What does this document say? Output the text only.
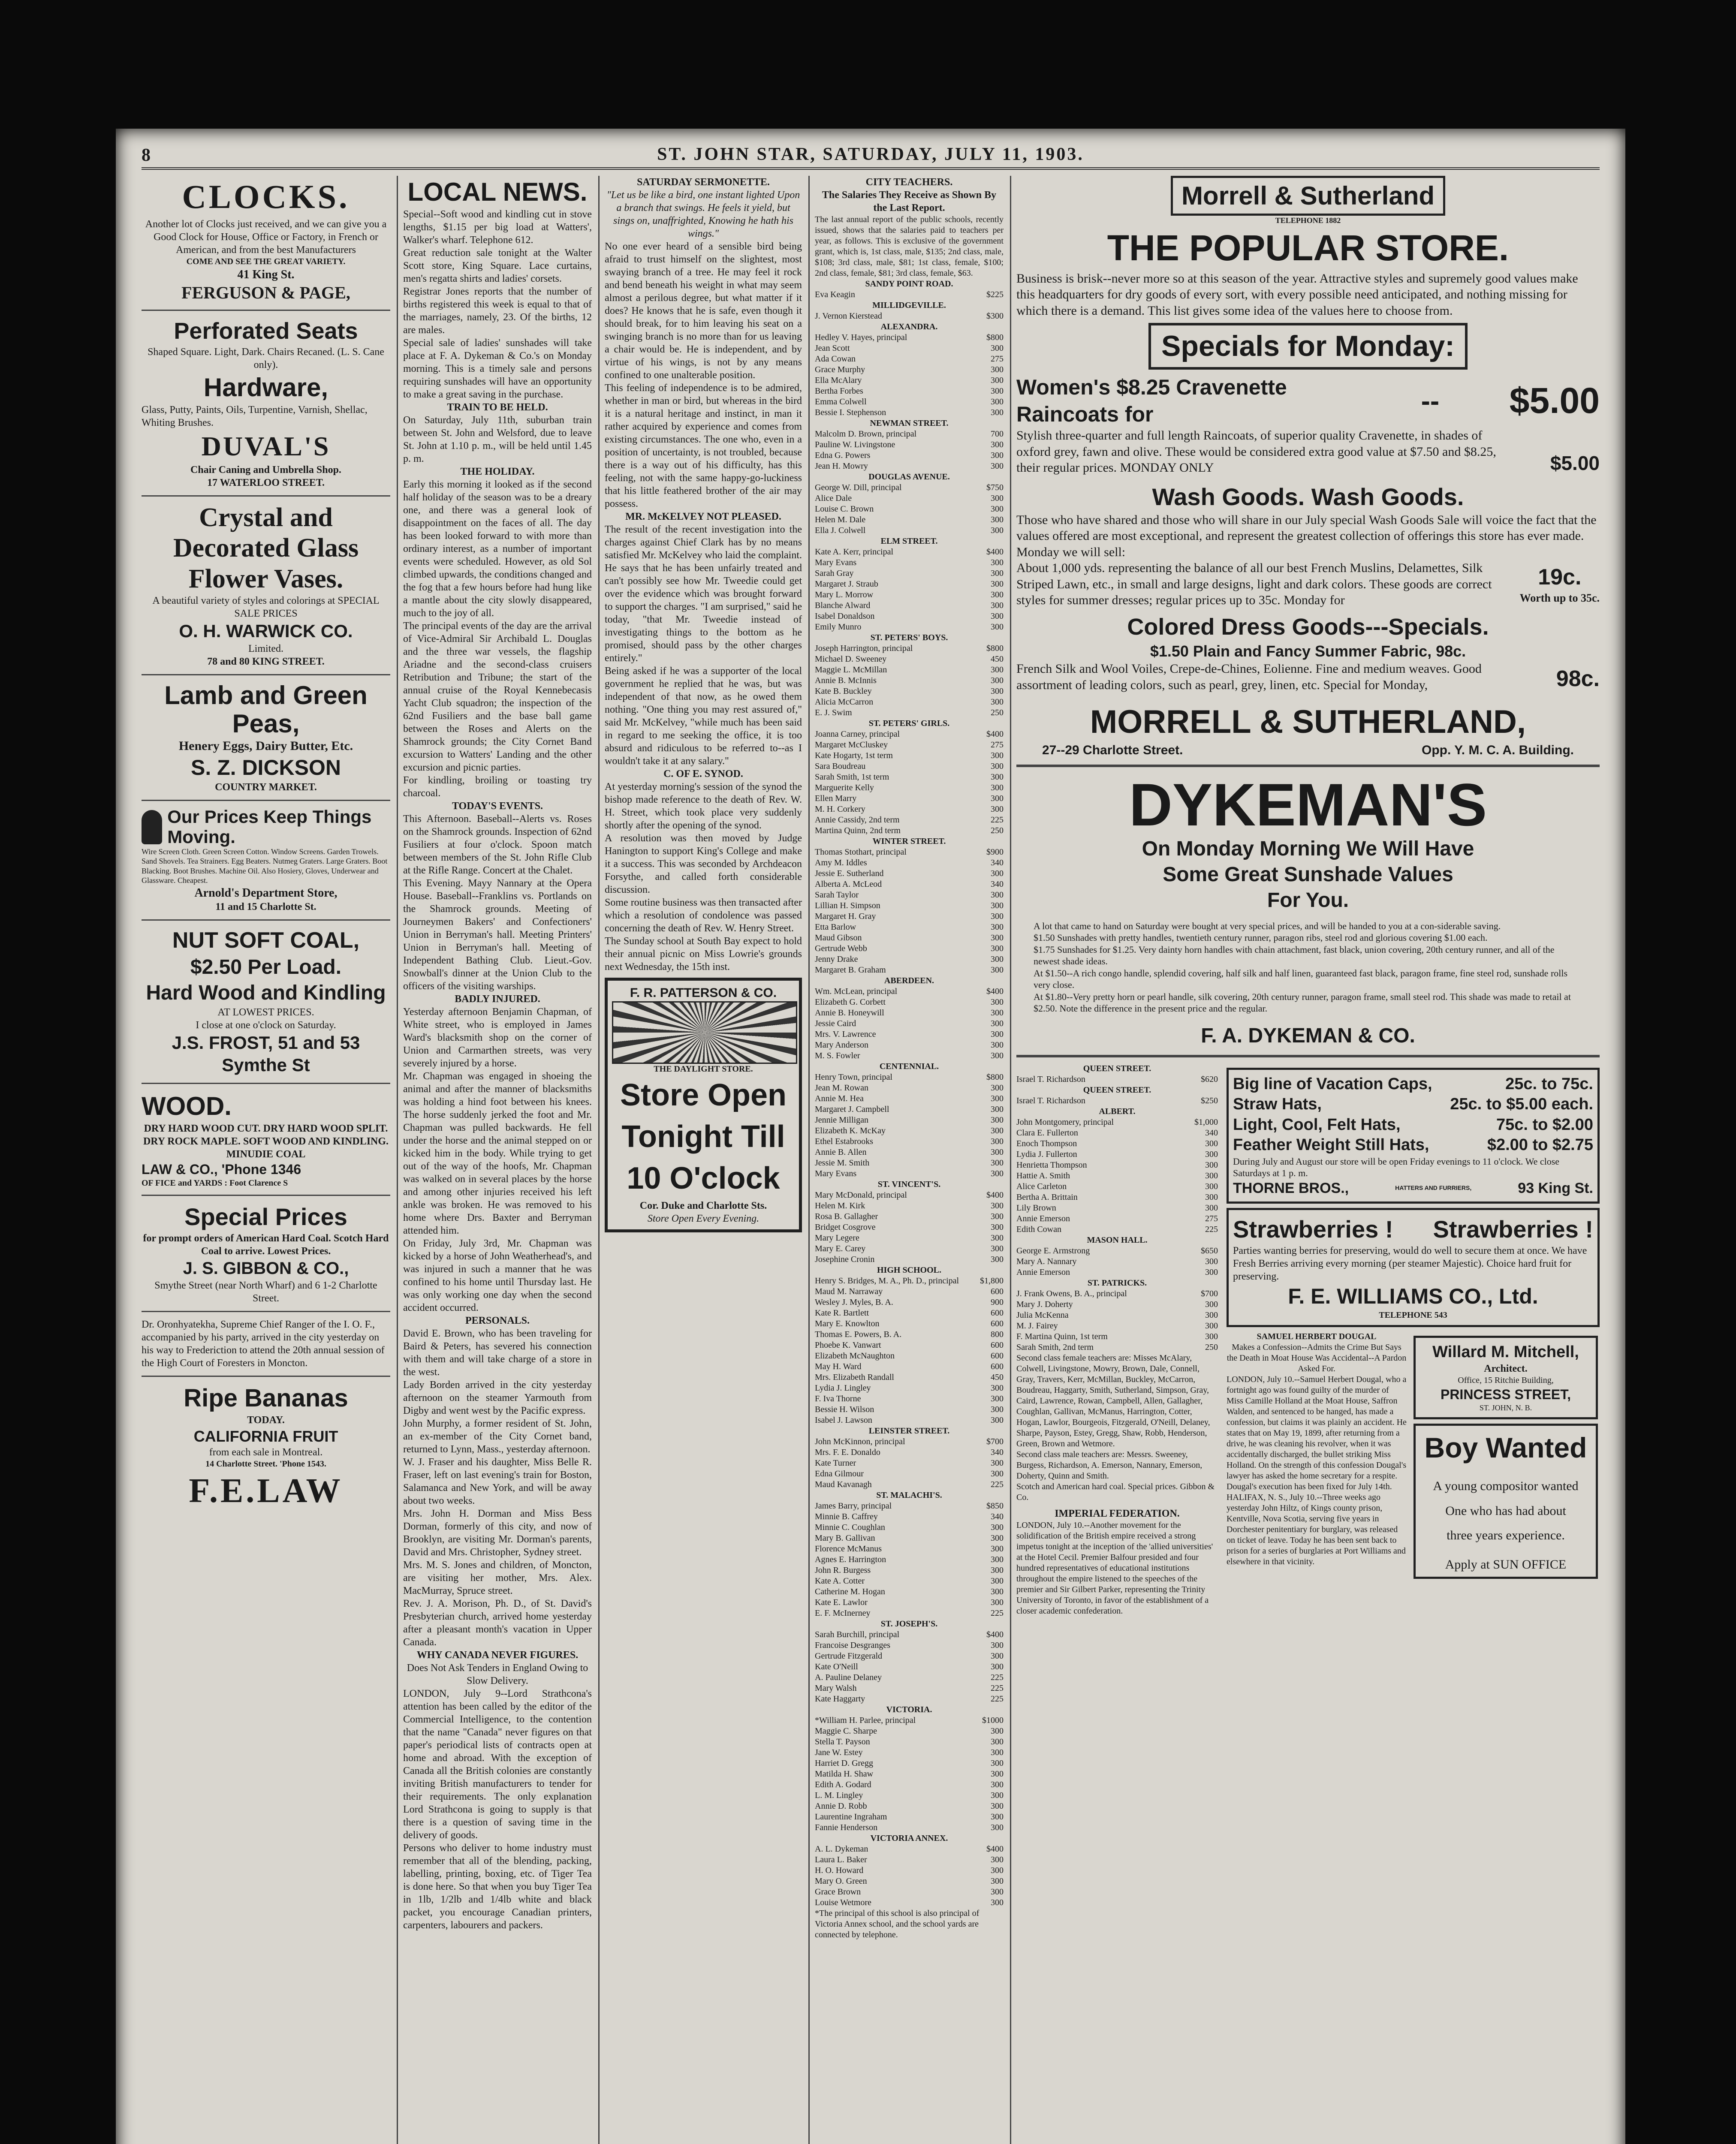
8	ST. JOHN STAR, SATURDAY, JULY 11, 1903.
CLOCKS.

Another lot of Clocks just received, and we can give you a Good Clock for House, Office or Factory, in French or American, and from the best Manufacturers

COME AND SEE THE GREAT VARIETY.

41 King St.

FERGUSON & PAGE,

Perforated Seats

Shaped Square. Light, Dark. Chairs Recaned. (L. S. Cane only).

Hardware,

Glass, Putty, Paints, Oils, Turpentine, Varnish, Shellac, Whiting Brushes.

DUVAL'S

Chair Caning and Umbrella Shop.

17 WATERLOO STREET.

Crystal and Decorated Glass Flower Vases.

A beautiful variety of styles and colorings at SPECIAL SALE PRICES

O. H. WARWICK CO.

Limited.

78 and 80 KING STREET.

Lamb and Green Peas,

Henery Eggs, Dairy Butter, Etc.

S. Z. DICKSON

COUNTRY MARKET.

Our Prices Keep Things Moving.

Wire Screen Cloth. Green Screen Cotton. Window Screens. Garden Trowels. Sand Shovels. Tea Strainers. Egg Beaters. Nutmeg Graters. Large Graters. Boot Blacking. Boot Brushes. Machine Oil. Also Hosiery, Gloves, Underwear and Glassware. Cheapest.

Arnold's Department Store,

11 and 15 Charlotte St.

NUT SOFT COAL,

$2.50 Per Load.

Hard Wood and Kindling

AT LOWEST PRICES.

I close at one o'clock on Saturday.

J.S. FROST, 51 and 53 Symthe St

WOOD.

DRY HARD WOOD CUT. DRY HARD WOOD SPLIT. DRY ROCK MAPLE. SOFT WOOD AND KINDLING. MINUDIE COAL

LAW & CO., 'Phone 1346

OF FICE and YARDS : Foot Clarence S

Special Prices

for prompt orders of American Hard Coal. Scotch Hard Coal to arrive. Lowest Prices.

J. S. GIBBON & CO.,

Smythe Street (near North Wharf) and 6 1-2 Charlotte Street.

Dr. Oronhyatekha, Supreme Chief Ranger of the I. O. F., accompanied by his party, arrived in the city yesterday on his way to Frederiction to attend the 20th annual session of the High Court of Foresters in Moncton.

Ripe Bananas

TODAY.

CALIFORNIA FRUIT

from each sale in Montreal.

14 Charlotte Street. 'Phone 1543.

F.E.LAW
LOCAL NEWS.

Special--Soft wood and kindling cut in stove lengths, $1.15 per big load at Watters', Walker's wharf. Telephone 612.

Great reduction sale tonight at the Walter Scott store, King Square. Lace curtains, men's regatta shirts and ladies' corsets.

Registrar Jones reports that the number of births registered this week is equal to that of the marriages, namely, 23. Of the births, 12 are males.

Special sale of ladies' sunshades will take place at F. A. Dykeman & Co.'s on Monday morning. This is a timely sale and persons requiring sunshades will have an opportunity to make a great saving in the purchase.

TRAIN TO BE HELD.

On Saturday, July 11th, suburban train between St. John and Welsford, due to leave St. John at 1.10 p. m., will be held until 1.45 p. m.

THE HOLIDAY.

Early this morning it looked as if the second half holiday of the season was to be a dreary one, and there was a general look of disappointment on the faces of all. The day has been looked forward to with more than ordinary interest, as a number of important events were scheduled. However, as old Sol climbed upwards, the conditions changed and the fog that a few hours before had hung like a mantle about the city slowly disappeared, much to the joy of all.

The principal events of the day are the arrival of Vice-Admiral Sir Archibald L. Douglas and the three war vessels, the flagship Ariadne and the second-class cruisers Retribution and Tribune; the start of the annual cruise of the Royal Kennebecasis Yacht Club squadron; the inspection of the 62nd Fusiliers and the base ball game between the Roses and Alerts on the Shamrock grounds; the City Cornet Band excursion to Watters' Landing and the other excursion and picnic parties.

For kindling, broiling or toasting try charcoal.

TODAY'S EVENTS.

This Afternoon. Baseball--Alerts vs. Roses on the Shamrock grounds. Inspection of 62nd Fusiliers at four o'clock. Spoon match between members of the St. John Rifle Club at the Rifle Range. Concert at the Chalet.

This Evening. Mayy Nannary at the Opera House. Baseball--Franklins vs. Portlands on the Shamrock grounds. Meeting of Journeymen Bakers' and Confectioners' Union in Berryman's hall. Meeting Printers' Union in Berryman's hall. Meeting of Independent Bathing Club. Lieut.-Gov. Snowball's dinner at the Union Club to the officers of the visiting warships.

BADLY INJURED.

Yesterday afternoon Benjamin Chapman, of White street, who is employed in James Ward's blacksmith shop on the corner of Union and Carmarthen streets, was very severely injured by a horse.

Mr. Chapman was engaged in shoeing the animal and after the manner of blacksmiths was holding a hind foot between his knees. The horse suddenly jerked the foot and Mr. Chapman was pulled backwards. He fell under the horse and the animal stepped on or kicked him in the body. While trying to get out of the way of the hoofs, Mr. Chapman was walked on in several places by the horse and among other injuries received his left ankle was broken. He was removed to his home where Drs. Baxter and Berryman attended him.

On Friday, July 3rd, Mr. Chapman was kicked by a horse of John Weatherhead's, and was injured in such a manner that he was confined to his home until Thursday last. He was only working one day when the second accident occurred.

PERSONALS.

David E. Brown, who has been traveling for Baird & Peters, has severed his connection with them and will take charge of a store in the west.

Lady Borden arrived in the city yesterday afternoon on the steamer Yarmouth from Digby and went west by the Pacific express.

John Murphy, a former resident of St. John, an ex-member of the City Cornet band, returned to Lynn, Mass., yesterday afternoon.

W. J. Fraser and his daughter, Miss Belle R. Fraser, left on last evening's train for Boston, Salamanca and New York, and will be away about two weeks.

Mrs. John H. Dorman and Miss Bess Dorman, formerly of this city, and now of Brooklyn, are visiting Mr. Dorman's parents, David and Mrs. Christopher, Sydney street.

Mrs. M. S. Jones and children, of Moncton, are visiting her mother, Mrs. Alex. MacMurray, Spruce street.

Rev. J. A. Morison, Ph. D., of St. David's Presbyterian church, arrived home yesterday after a pleasant month's vacation in Upper Canada.

WHY CANADA NEVER FIGURES.

Does Not Ask Tenders in England Owing to Slow Delivery.

LONDON, July 9--Lord Strathcona's attention has been called by the editor of the Commercial Intelligence, to the contention that the name "Canada" never figures on that paper's periodical lists of contracts open at home and abroad. With the exception of Canada all the British colonies are constantly inviting British manufacturers to tender for their requirements. The only explanation Lord Strathcona is going to supply is that there is a question of saving time in the delivery of goods.

Persons who deliver to home industry must remember that all of the blending, packing, labelling, printing, boxing, etc. of Tiger Tea is done here. So that when you buy Tiger Tea in 1lb, 1/2lb and 1/4lb white and black packet, you encourage Canadian printers, carpenters, labourers and packers.

SATURDAY SERMONETTE.

"Let us be like a bird, one instant lighted Upon a branch that swings. He feels it yield, but sings on, unaffrighted, Knowing he hath his wings."

No one ever heard of a sensible bird being afraid to trust himself on the slightest, most swaying branch of a tree. He may feel it rock and bend beneath his weight in what may seem almost a perilous degree, but what matter if it does? He knows that he is safe, even though it should break, for to him leaving his seat on a swinging branch is no more than for us leaving a chair would be. He is independent, and by virtue of his wings, is not by any means confined to one unalterable position.

This feeling of independence is to be admired, whether in man or bird, but whereas in the bird it is a natural heritage and instinct, in man it rather acquired by experience and comes from existing circumstances. The one who, even in a position of uncertainty, is not troubled, because there is a way out of his difficulty, has this feeling, not with the same happy-go-luckiness that his little feathered brother of the air may possess.

MR. McKELVEY NOT PLEASED.

The result of the recent investigation into the charges against Chief Clark has by no means satisfied Mr. McKelvey who laid the complaint. He says that he has been unfairly treated and can't possibly see how Mr. Tweedie could get over the evidence which was brought forward to support the charges. "I am surprised," said he today, "that Mr. Tweedie instead of investigating things to the bottom as he promised, should pass by the other charges entirely."

Being asked if he was a supporter of the local government he replied that he was, but was independent of that now, as he owed them nothing. "One thing you may rest assured of," said Mr. McKelvey, "while much has been said in regard to me seeking the office, it is too absurd and ridiculous to be referred to--as I wouldn't take it at any salary."

C. OF E. SYNOD.

At yesterday morning's session of the synod the bishop made reference to the death of Rev. W. H. Street, which took place very suddenly shortly after the opening of the synod.

A resolution was then moved by Judge Hanington to support King's College and make it a success. This was seconded by Archdeacon Forsythe, and called forth considerable discussion.

Some routine business was then transacted after which a resolution of condolence was passed concerning the death of Rev. W. Henry Street.

The Sunday school at South Bay expect to hold their annual picnic on Miss Lowrie's grounds next Wednesday, the 15th inst.

F. R. PATTERSON & CO.

THE DAYLIGHT STORE.

Store Open Tonight Till 10 O'clock

Cor. Duke and Charlotte Sts.

Store Open Every Evening.

CITY TEACHERS.

The Salaries They Receive as Shown By the Last Report.

The last annual report of the public schools, recently issued, shows that the salaries paid to teachers per year, as follows. This is exclusive of the government grant, which is, 1st class, male, $135; 2nd class, male, $108; 3rd class, male, $81; 1st class, female, $100; 2nd class, female, $81; 3rd class, female, $63.

SANDY POINT ROAD.
Eva Keagin	$225
MILLIDGEVILLE.
J. Vernon Kierstead	$300
ALEXANDRA.
Hedley V. Hayes, principal	$800
Jean Scott	300
Ada Cowan	275
Grace Murphy	300
Ella McAlary	300
Bertha Forbes	300
Emma Colwell	300
Bessie I. Stephenson	300
NEWMAN STREET.
Malcolm D. Brown, principal	700
Pauline W. Livingstone	300
Edna G. Powers	300
Jean H. Mowry	300
DOUGLAS AVENUE.
George W. Dill, principal	$750
Alice Dale	300
Louise C. Brown	300
Helen M. Dale	300
Ella J. Colwell	300
ELM STREET.
Kate A. Kerr, principal	$400
Mary Evans	300
Sarah Gray	300
Margaret J. Straub	300
Mary L. Morrow	300
Blanche Alward	300
Isabel Donaldson	300
Emily Munro	300
ST. PETERS' BOYS.
Joseph Harrington, principal	$800
Michael D. Sweeney	450
Maggie L. McMillan	300
Annie B. McInnis	300
Kate B. Buckley	300
Alicia McCarron	300
E. J. Swim	250
ST. PETERS' GIRLS.
Joanna Carney, principal	$400
Margaret McCluskey	275
Kate Hogarty, 1st term	300
Sara Boudreau	300
Sarah Smith, 1st term	300
Marguerite Kelly	300
Ellen Marry	300
M. H. Corkery	300
Annie Cassidy, 2nd term	225
Martina Quinn, 2nd term	250
WINTER STREET.
Thomas Stothart, principal	$900
Amy M. Iddles	340
Jessie E. Sutherland	300
Alberta A. McLeod	340
Sarah Taylor	300
Lillian H. Simpson	300
Margaret H. Gray	300
Etta Barlow	300
Maud Gibson	300
Gertrude Webb	300
Jenny Drake	300
Margaret B. Graham	300
ABERDEEN.
Wm. McLean, principal	$400
Elizabeth G. Corbett	300
Annie B. Honeywill	300
Jessie Caird	300
Mrs. V. Lawrence	300
Mary Anderson	300
M. S. Fowler	300
CENTENNIAL.
Henry Town, principal	$800
Jean M. Rowan	300
Annie M. Hea	300
Margaret J. Campbell	300
Jennie Milligan	300
Elizabeth K. McKay	300
Ethel Estabrooks	300
Annie B. Allen	300
Jessie M. Smith	300
Mary Evans	300
ST. VINCENT'S.
Mary McDonald, principal	$400
Helen M. Kirk	300
Rosa B. Gallagher	300
Bridget Cosgrove	300
Mary Legere	300
Mary E. Carey	300
Josephine Cronin	300
HIGH SCHOOL.
Henry S. Bridges, M. A., Ph. D., principal $1,800
Maud M. Narraway	600
Wesley J. Myles, B. A.	900
Kate R. Bartlett	600
Mary E. Knowlton	600
Thomas E. Powers, B. A.	800
Phoebe K. Vanwart	600
Elizabeth McNaughton	600
May H. Ward	600
Mrs. Elizabeth Randall	450
Lydia J. Lingley	300
F. Iva Thorne	300
Bessie H. Wilson	300
Isabel J. Lawson	300
LEINSTER STREET.
John McKinnon, principal	$700
Mrs. F. E. Donaldo	340
Kate Turner	300
Edna Gilmour	300
Maud Kavanagh	225
ST. MALACHI'S.
James Barry, principal	$850
Minnie B. Caffrey	340
Minnie C. Coughlan	300
Mary B. Gallivan	300
Florence McManus	300
Agnes E. Harrington	300
John R. Burgess	300
Kate A. Cotter	300
Catherine M. Hogan	300
Kate E. Lawlor	300
E. F. McInerney	225
ST. JOSEPH'S.
Sarah Burchill, principal	$400
Francoise Desgranges	300
Gertrude Fitzgerald	300
Kate O'Neill	300
A. Pauline Delaney	225
Mary Walsh	225
Kate Haggarty	225
VICTORIA.
*William H. Parlee, principal	$1000
Maggie C. Sharpe	300
Stella T. Payson	300
Jane W. Estey	300
Harriet D. Gregg	300
Matilda H. Shaw	300
Edith A. Godard	300
L. M. Lingley	300
Annie D. Robb	300
Laurentine Ingraham	300
Fannie Henderson	300
VICTORIA ANNEX.
A. L. Dykeman	$400
Laura L. Baker	300
H. O. Howard	300
Mary O. Green	300
Grace Brown	300
Louise Wetmore	300

*The principal of this school is also principal of Victoria Annex school, and the school yards are connected by telephone.

Morrell & Sutherland

TELEPHONE 1882

THE POPULAR STORE.

Business is brisk--never more so at this season of the year. Attractive styles and supremely good values make this headquarters for dry goods of every sort, with every possible need anticipated, and nothing missing for which there is a demand. This list gives some idea of the values here to choose from.

Specials for Monday:
Women's $8.25 Cravenette Raincoats for	-- $5.00

Stylish three-quarter and full length Raincoats, of superior quality Cravenette, in shades of oxford grey, fawn and olive. These would be considered extra good value at $7.50 and $8.25, their regular prices. MONDAY ONLY	$5.00
Wash Goods. Wash Goods.

Those who have shared and those who will share in our July special Wash Goods Sale will voice the fact that the values offered are most exceptional, and represent the greatest collection of offerings this store has ever made. Monday we will sell:

About 1,000 yds. representing the balance of all our best French Muslins, Delamettes, Silk Striped Lawn, etc., in small and large designs, light and dark colors. These goods are correct styles for summer dresses; regular prices up to 35c. Monday for

19c.

Worth up to 35c.

Colored Dress Goods---Specials.

$1.50 Plain and Fancy Summer Fabric, 98c.

French Silk and Wool Voiles, Crepe-de-Chines, Eolienne. Fine and medium weaves. Good assortment of leading colors, such as pearl, grey, linen, etc. Special for Monday,	98c.
MORRELL & SUTHERLAND,
27--29 Charlotte Street.	Opp. Y. M. C. A. Building.
DYKEMAN'S

On Monday Morning We Will Have

Some Great Sunshade Values

For You.

A lot that came to hand on Saturday were bought at very special prices, and will be handed to you at a con-siderable saving.

$1.50 Sunshades with pretty handles, twentieth century runner, paragon ribs, steel rod and glorious covering $1.00 each.

$1.75 Sunshades for $1.25. Very dainty horn handles with chain attachment, fast black, union covering, 20th century runner, and all of the newest shade ideas.

At $1.50--A rich congo handle, splendid covering, half silk and half linen, guaranteed fast black, paragon frame, fine steel rod, sunshade rolls very close.

At $1.80--Very pretty horn or pearl handle, silk covering, 20th century runner, paragon frame, small steel rod. This shade was made to retail at $2.50. Note the difference in the present price and the regular.

F. A. DYKEMAN & CO.

QUEEN STREET.
Israel T. Richardson	$620
QUEEN STREET.
Israel T. Richardson	$250
ALBERT.
John Montgomery, principal	$1,000
Clara E. Fullerton	340
Enoch Thompson	300
Lydia J. Fullerton	300
Henrietta Thompson	300
Hattie A. Smith	300
Alice Carleton	300
Bertha A. Brittain	300
Lily Brown	300
Annie Emerson	275
Edith Cowan	225
MASON HALL.
George E. Armstrong	$650
Mary A. Nannary	300
Annie Emerson	300
ST. PATRICKS.
J. Frank Owens, B. A., principal	$700
Mary J. Doherty	300
Julia McKenna	300
M. J. Fairey	300
F. Martina Quinn, 1st term	300
Sarah Smith, 2nd term	250

Second class female teachers are: Misses McAlary, Colwell, Livingstone, Mowry, Brown, Dale, Connell, Gray, Travers, Kerr, McMillan, Buckley, McCarron, Boudreau, Haggarty, Smith, Sutherland, Simpson, Gray, Caird, Lawrence, Rowan, Campbell, Allen, Gallagher, Coughlan, Gallivan, McManus, Harrington, Cotter, Hogan, Lawlor, Bourgeois, Fitzgerald, O'Neill, Delaney, Sharpe, Payson, Estey, Gregg, Shaw, Robb, Henderson, Green, Brown and Wetmore.

Second class male teachers are: Messrs. Sweeney, Burgess, Richardson, A. Emerson, Nannary, Emerson, Doherty, Quinn and Smith.

Scotch and American hard coal. Special prices. Gibbon & Co.

IMPERIAL FEDERATION.

LONDON, July 10.--Another movement for the solidification of the British empire received a strong impetus tonight at the inception of the 'allied universities' at the Hotel Cecil. Premier Balfour presided and four hundred representatives of educational institutions throughout the empire listened to the speeches of the premier and Sir Gilbert Parker, representing the Trinity University of Toronto, in favor of the establishment of a closer academic confederation.

Big line of Vacation Caps,	25c. to 75c.
Straw Hats,	25c. to $5.00 each.
Light, Cool, Felt Hats,	75c. to $2.00
Feather Weight Still Hats,	$2.00 to $2.75

During July and August our store will be open Friday evenings to 11 o'clock. We close Saturdays at 1 p. m.

THORNE BROS.,	HATTERS AND FURRIERS,	93 King St.
Strawberries ! Strawberries !

Parties wanting berries for preserving, would do well to secure them at once. We have Fresh Berries arriving every morning (per steamer Majestic). Choice hard fruit for preserving.

F. E. WILLIAMS CO., Ltd.

TELEPHONE 543

SAMUEL HERBERT DOUGAL

Makes a Confession--Admits the Crime But Says the Death in Moat House Was Accidental--A Pardon Asked For.

LONDON, July 10.--Samuel Herbert Dougal, who a fortnight ago was found guilty of the murder of Miss Camille Holland at the Moat House, Saffron Walden, and sentenced to be hanged, has made a confession, but claims it was plainly an accident. He states that on May 19, 1899, after returning from a drive, he was cleaning his revolver, when it was accidentally discharged, the bullet striking Miss Holland. On the strength of this confession Dougal's lawyer has asked the home secretary for a respite. Dougal's execution has been fixed for July 14th.

HALIFAX, N. S., July 10.--Three weeks ago yesterday John Hiltz, of Kings county prison, Kentville, Nova Scotia, serving five years in Dorchester penitentiary for burglary, was released on ticket of leave. Today he has been sent back to prison for a series of burglaries at Port Williams and elsewhere in that vicinity.

Willard M. Mitchell,

Architect.

Office, 15 Ritchie Building,

PRINCESS STREET,

ST. JOHN, N. B.

Boy Wanted

A young compositor wanted

One who has had about

three years experience.

Apply at SUN OFFICE
